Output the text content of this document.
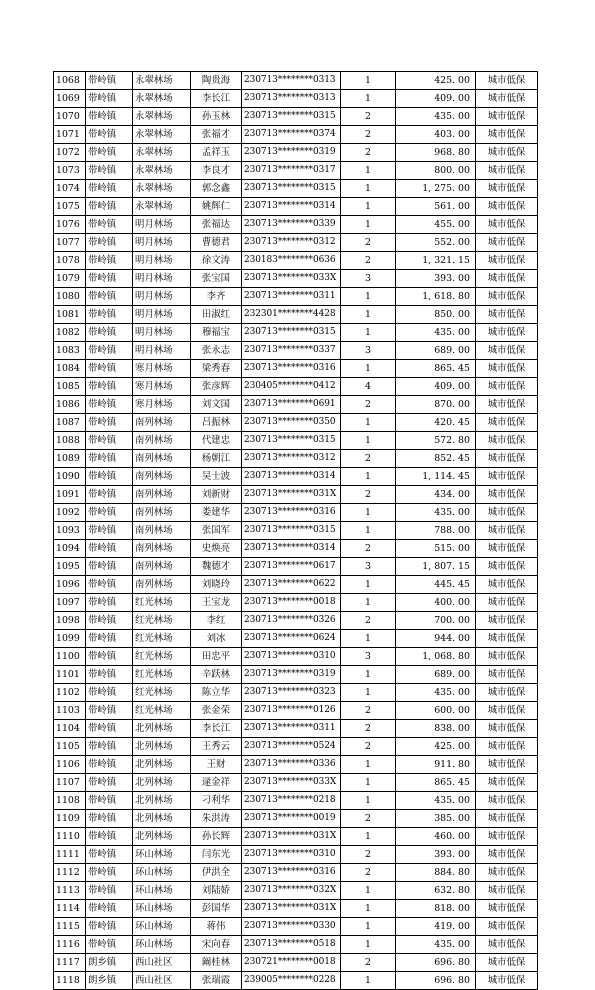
1068	带岭镇	永翠林场	陶贵海	230713********0313	1	425. 00	城市低保
1069	带岭镇	永翠林场	李长江	230713********0313	1	409. 00	城市低保
1070	带岭镇	永翠林场	孙玉林	230713********0315	2	435. 00	城市低保
1071	带岭镇	永翠林场	张福才	230713********0374	2	403. 00	城市低保
1072	带岭镇	永翠林场	孟祥玉	230713********0319	2	968. 80	城市低保
1073	带岭镇	永翠林场	李良才	230713********0317	1	800. 00	城市低保
1074	带岭镇	永翠林场	郭念鑫	230713********0315	1	1, 275. 00	城市低保
1075	带岭镇	永翠林场	姚辉仁	230713********0314	1	561. 00	城市低保
1076	带岭镇	明月林场	张福达	230713********0339	1	455. 00	城市低保
1077	带岭镇	明月林场	曹德君	230713********0312	2	552. 00	城市低保
1078	带岭镇	明月林场	徐文涛	230183********0636	2	1, 321. 15	城市低保
1079	带岭镇	明月林场	张宝国	230713********033X	3	393. 00	城市低保
1080	带岭镇	明月林场	李齐	230713********0311	1	1, 618. 80	城市低保
1081	带岭镇	明月林场	田淑红	232301********4428	1	850. 00	城市低保
1082	带岭镇	明月林场	穆福宝	230713********0315	1	435. 00	城市低保
1083	带岭镇	明月林场	张永志	230713********0337	3	689. 00	城市低保
1084	带岭镇	寒月林场	梁秀春	230713********0316	1	865. 45	城市低保
1085	带岭镇	寒月林场	张彦辉	230405********0412	4	409. 00	城市低保
1086	带岭镇	寒月林场	刘文国	230713********0691	2	870. 00	城市低保
1087	带岭镇	南列林场	吕振林	230713********0350	1	420. 45	城市低保
1088	带岭镇	南列林场	代建忠	230713********0315	1	572. 80	城市低保
1089	带岭镇	南列林场	杨朝江	230713********0312	2	852. 45	城市低保
1090	带岭镇	南列林场	吴士波	230713********0314	1	1, 114. 45	城市低保
1091	带岭镇	南列林场	刘新财	230713********031X	2	434. 00	城市低保
1092	带岭镇	南列林场	娄建华	230713********0316	1	435. 00	城市低保
1093	带岭镇	南列林场	张国军	230713********0315	1	788. 00	城市低保
1094	带岭镇	南列林场	史焕亮	230713********0314	2	515. 00	城市低保
1095	带岭镇	南列林场	魏德才	230713********0617	3	1, 807. 15	城市低保
1096	带岭镇	南列林场	刘晓玲	230713********0622	1	445. 45	城市低保
1097	带岭镇	红光林场	王宝龙	230713********0018	1	400. 00	城市低保
1098	带岭镇	红光林场	李红	230713********0326	2	700. 00	城市低保
1099	带岭镇	红光林场	刘冰	230713********0624	1	944. 00	城市低保
1100	带岭镇	红光林场	田忠平	230713********0310	3	1, 068. 80	城市低保
1101	带岭镇	红光林场	辛跃林	230713********0319	1	689. 00	城市低保
1102	带岭镇	红光林场	陈立华	230713********0323	1	435. 00	城市低保
1103	带岭镇	红光林场	张金荣	230713********0126	2	600. 00	城市低保
1104	带岭镇	北列林场	李长江	230713********0311	2	838. 00	城市低保
1105	带岭镇	北列林场	王秀云	230713********0524	2	425. 00	城市低保
1106	带岭镇	北列林场	王财	230713********0336	1	911. 80	城市低保
1107	带岭镇	北列林场	逯金祥	230713********033X	1	865. 45	城市低保
1108	带岭镇	北列林场	刁利华	230713********0218	1	435. 00	城市低保
1109	带岭镇	北列林场	朱洪涛	230713********0019	2	385. 00	城市低保
1110	带岭镇	北列林场	孙长辉	230713********031X	1	460. 00	城市低保
1111	带岭镇	环山林场	闫东光	230713********0310	2	393. 00	城市低保
1112	带岭镇	环山林场	伊洪全	230713********0316	2	884. 80	城市低保
1113	带岭镇	环山林场	刘陆娇	230713********032X	1	632. 80	城市低保
1114	带岭镇	环山林场	彭国华	230713********031X	1	818. 00	城市低保
1115	带岭镇	环山林场	蒋伟	230713********0330	1	419. 00	城市低保
1116	带岭镇	环山林场	宋向春	230713********0518	1	435. 00	城市低保
1117	朗乡镇	西山社区	阚桂林	230721********0018	2	696. 80	城市低保
1118	朗乡镇	西山社区	张瑞霞	239005********0228	1	696. 80	城市低保
